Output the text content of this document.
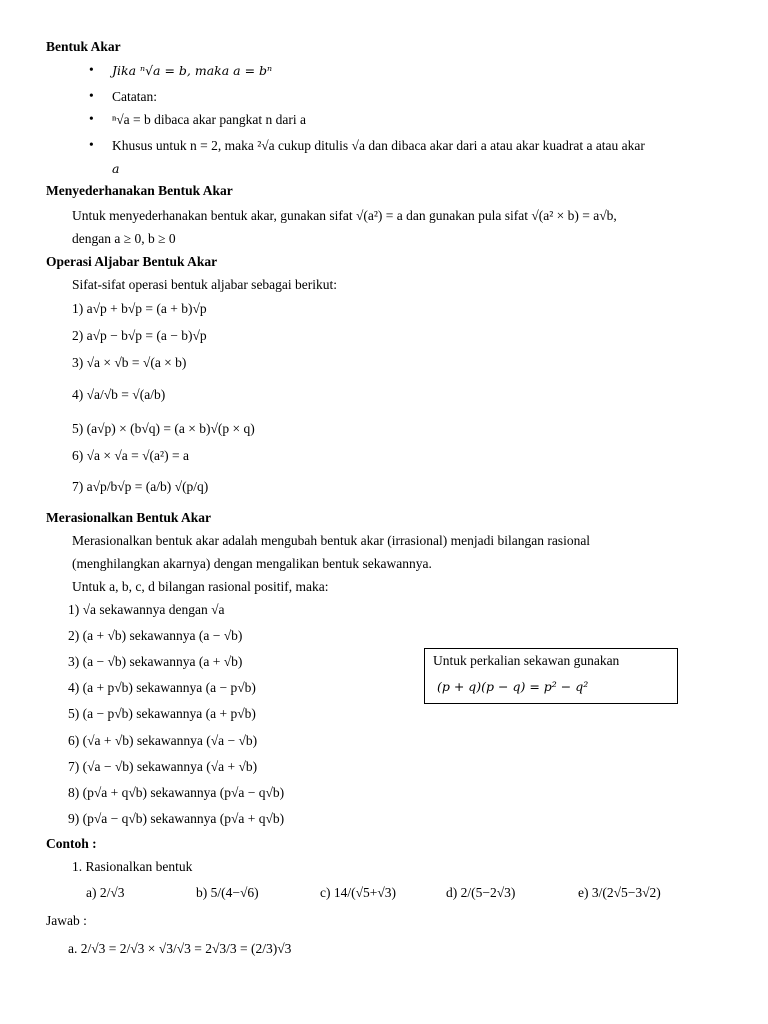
Bentuk Akar
• Jika ⁿ√a = b, maka a = bⁿ
• Catatan:
• ⁿ√a = b dibaca akar pangkat n dari a
• Khusus untuk n = 2, maka ²√a cukup ditulis √a dan dibaca akar dari a atau akar kuadrat a atau akar
a
Menyederhanakan Bentuk Akar
Untuk menyederhanakan bentuk akar, gunakan sifat √(a²) = a dan gunakan pula sifat √(a² × b) = a√b,
dengan a ≥ 0, b ≥ 0
Operasi Aljabar Bentuk Akar
Sifat-sifat operasi bentuk aljabar sebagai berikut:
1) a√p + b√p = (a + b)√p
2) a√p − b√p = (a − b)√p
3) √a × √b = √(a × b)
4) √a/√b = √(a/b)
5) (a√p) × (b√q) = (a × b)√(p × q)
6) √a × √a = √(a²) = a
7) a√p/b√p = (a/b) √(p/q)
Merasionalkan Bentuk Akar
Merasionalkan bentuk akar adalah mengubah bentuk akar (irrasional) menjadi bilangan rasional
(menghilangkan akarnya) dengan mengalikan bentuk sekawannya.
Untuk a, b, c, d bilangan rasional positif, maka:
1) √a sekawannya dengan √a
2) (a + √b) sekawannya (a − √b)
3) (a − √b) sekawannya (a + √b)
4) (a + p√b) sekawannya (a − p√b)
5) (a − p√b) sekawannya (a + p√b)
6) (√a + √b) sekawannya (√a − √b)
7) (√a − √b) sekawannya (√a + √b)
8) (p√a + q√b) sekawannya (p√a − q√b)
9) (p√a − q√b) sekawannya (p√a + q√b)
Untuk perkalian sekawan gunakan
(p + q)(p − q) = p² − q²
Contoh :
1. Rasionalkan bentuk
a) 2/√3	b) 5/(4−√6)	c) 14/(√5+√3)	d) 2/(5−2√3)	e) 3/(2√5−3√2)
Jawab :
a. 2/√3 = 2/√3 × √3/√3 = 2√3/3 = (2/3)√3
